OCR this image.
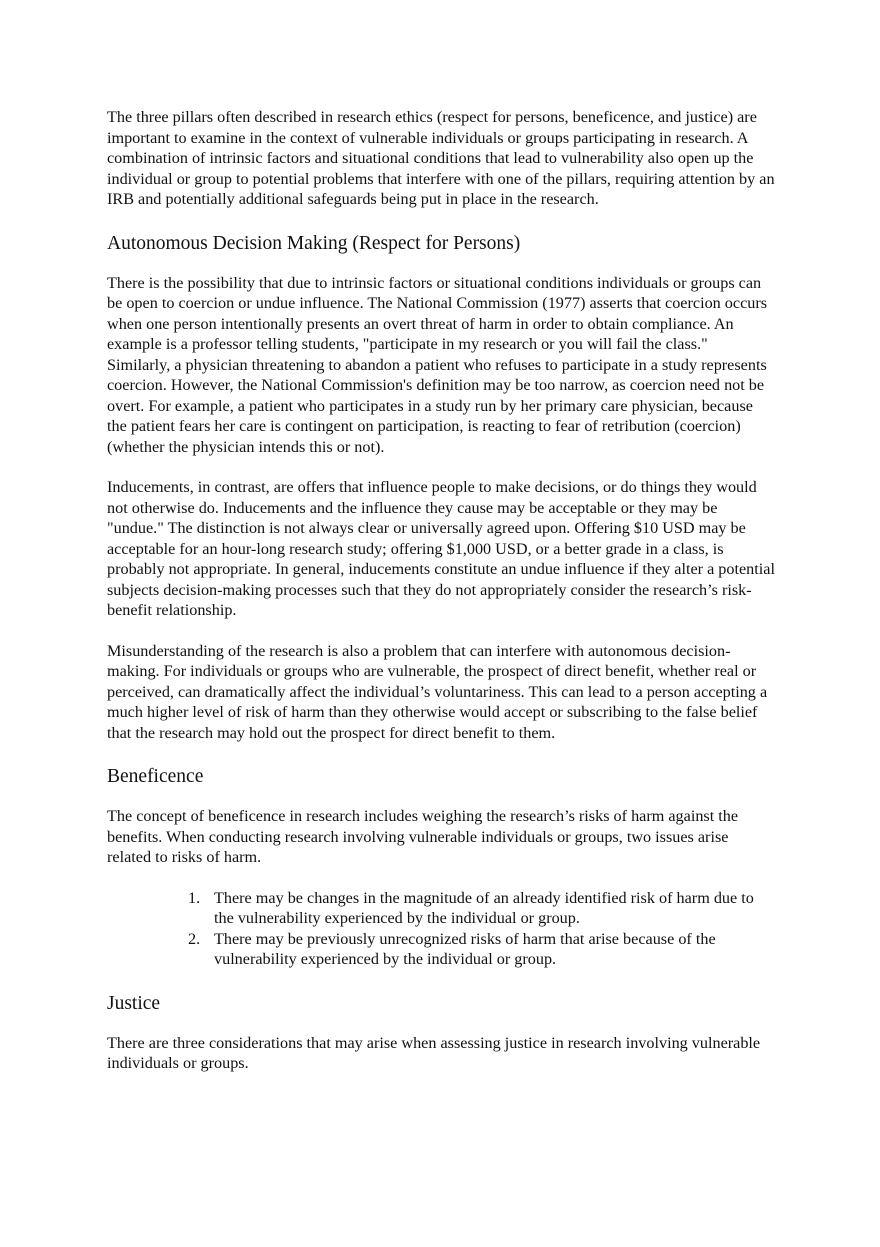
The three pillars often described in research ethics (respect for persons, beneficence, and justice) are important to examine in the context of vulnerable individuals or groups participating in research. A combination of intrinsic factors and situational conditions that lead to vulnerability also open up the individual or group to potential problems that interfere with one of the pillars, requiring attention by an IRB and potentially additional safeguards being put in place in the research.

Autonomous Decision Making (Respect for Persons)

There is the possibility that due to intrinsic factors or situational conditions individuals or groups can be open to coercion or undue influence. The National Commission (1977) asserts that coercion occurs when one person intentionally presents an overt threat of harm in order to obtain compliance. An example is a professor telling students, "participate in my research or you will fail the class." Similarly, a physician threatening to abandon a patient who refuses to participate in a study represents coercion. However, the National Commission's definition may be too narrow, as coercion need not be overt. For example, a patient who participates in a study run by her primary care physician, because the patient fears her care is contingent on participation, is reacting to fear of retribution (coercion) (whether the physician intends this or not).

Inducements, in contrast, are offers that influence people to make decisions, or do things they would not otherwise do. Inducements and the influence they cause may be acceptable or they may be "undue." The distinction is not always clear or universally agreed upon. Offering $10 USD may be acceptable for an hour-long research study; offering $1,000 USD, or a better grade in a class, is probably not appropriate. In general, inducements constitute an undue influence if they alter a potential subjects decision-making processes such that they do not appropriately consider the research’s risk-benefit relationship.

Misunderstanding of the research is also a problem that can interfere with autonomous decision-making. For individuals or groups who are vulnerable, the prospect of direct benefit, whether real or perceived, can dramatically affect the individual’s voluntariness. This can lead to a person accepting a much higher level of risk of harm than they otherwise would accept or subscribing to the false belief that the research may hold out the prospect for direct benefit to them.

Beneficence

The concept of beneficence in research includes weighing the research’s risks of harm against the benefits. When conducting research involving vulnerable individuals or groups, two issues arise related to risks of harm.

1. There may be changes in the magnitude of an already identified risk of harm due to the vulnerability experienced by the individual or group.
2. There may be previously unrecognized risks of harm that arise because of the vulnerability experienced by the individual or group.
Justice

There are three considerations that may arise when assessing justice in research involving vulnerable individuals or groups.
